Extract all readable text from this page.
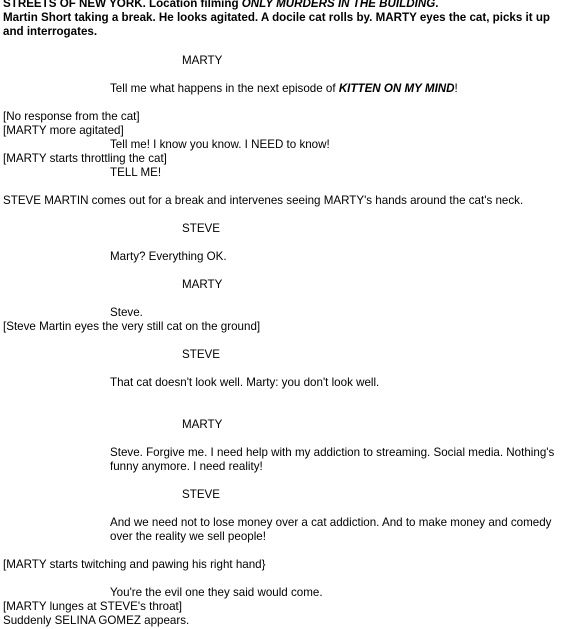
STREETS OF NEW YORK. Location filming ONLY MURDERS IN THE BUILDING.
Martin Short taking a break. He looks agitated. A docile cat rolls by. MARTY eyes the cat, picks it up
and interrogates.
MARTY
Tell me what happens in the next episode of KITTEN ON MY MIND!
[No response from the cat]
[MARTY more agitated]
Tell me! I know you know. I NEED to know!
[MARTY starts throttling the cat]
TELL ME!
STEVE MARTIN comes out for a break and intervenes seeing MARTY's hands around the cat's neck.
STEVE
Marty? Everything OK.
MARTY
Steve.
[Steve Martin eyes the very still cat on the ground]
STEVE
That cat doesn't look well. Marty: you don't look well.
MARTY
Steve. Forgive me. I need help with my addiction to streaming. Social media. Nothing's funny anymore. I need reality!
STEVE
And we need not to lose money over a cat addiction. And to make money and comedy over the reality we sell people!
[MARTY starts twitching and pawing his right hand}
You're the evil one they said would come.
[MARTY lunges at STEVE's throat]
Suddenly SELINA GOMEZ appears.
